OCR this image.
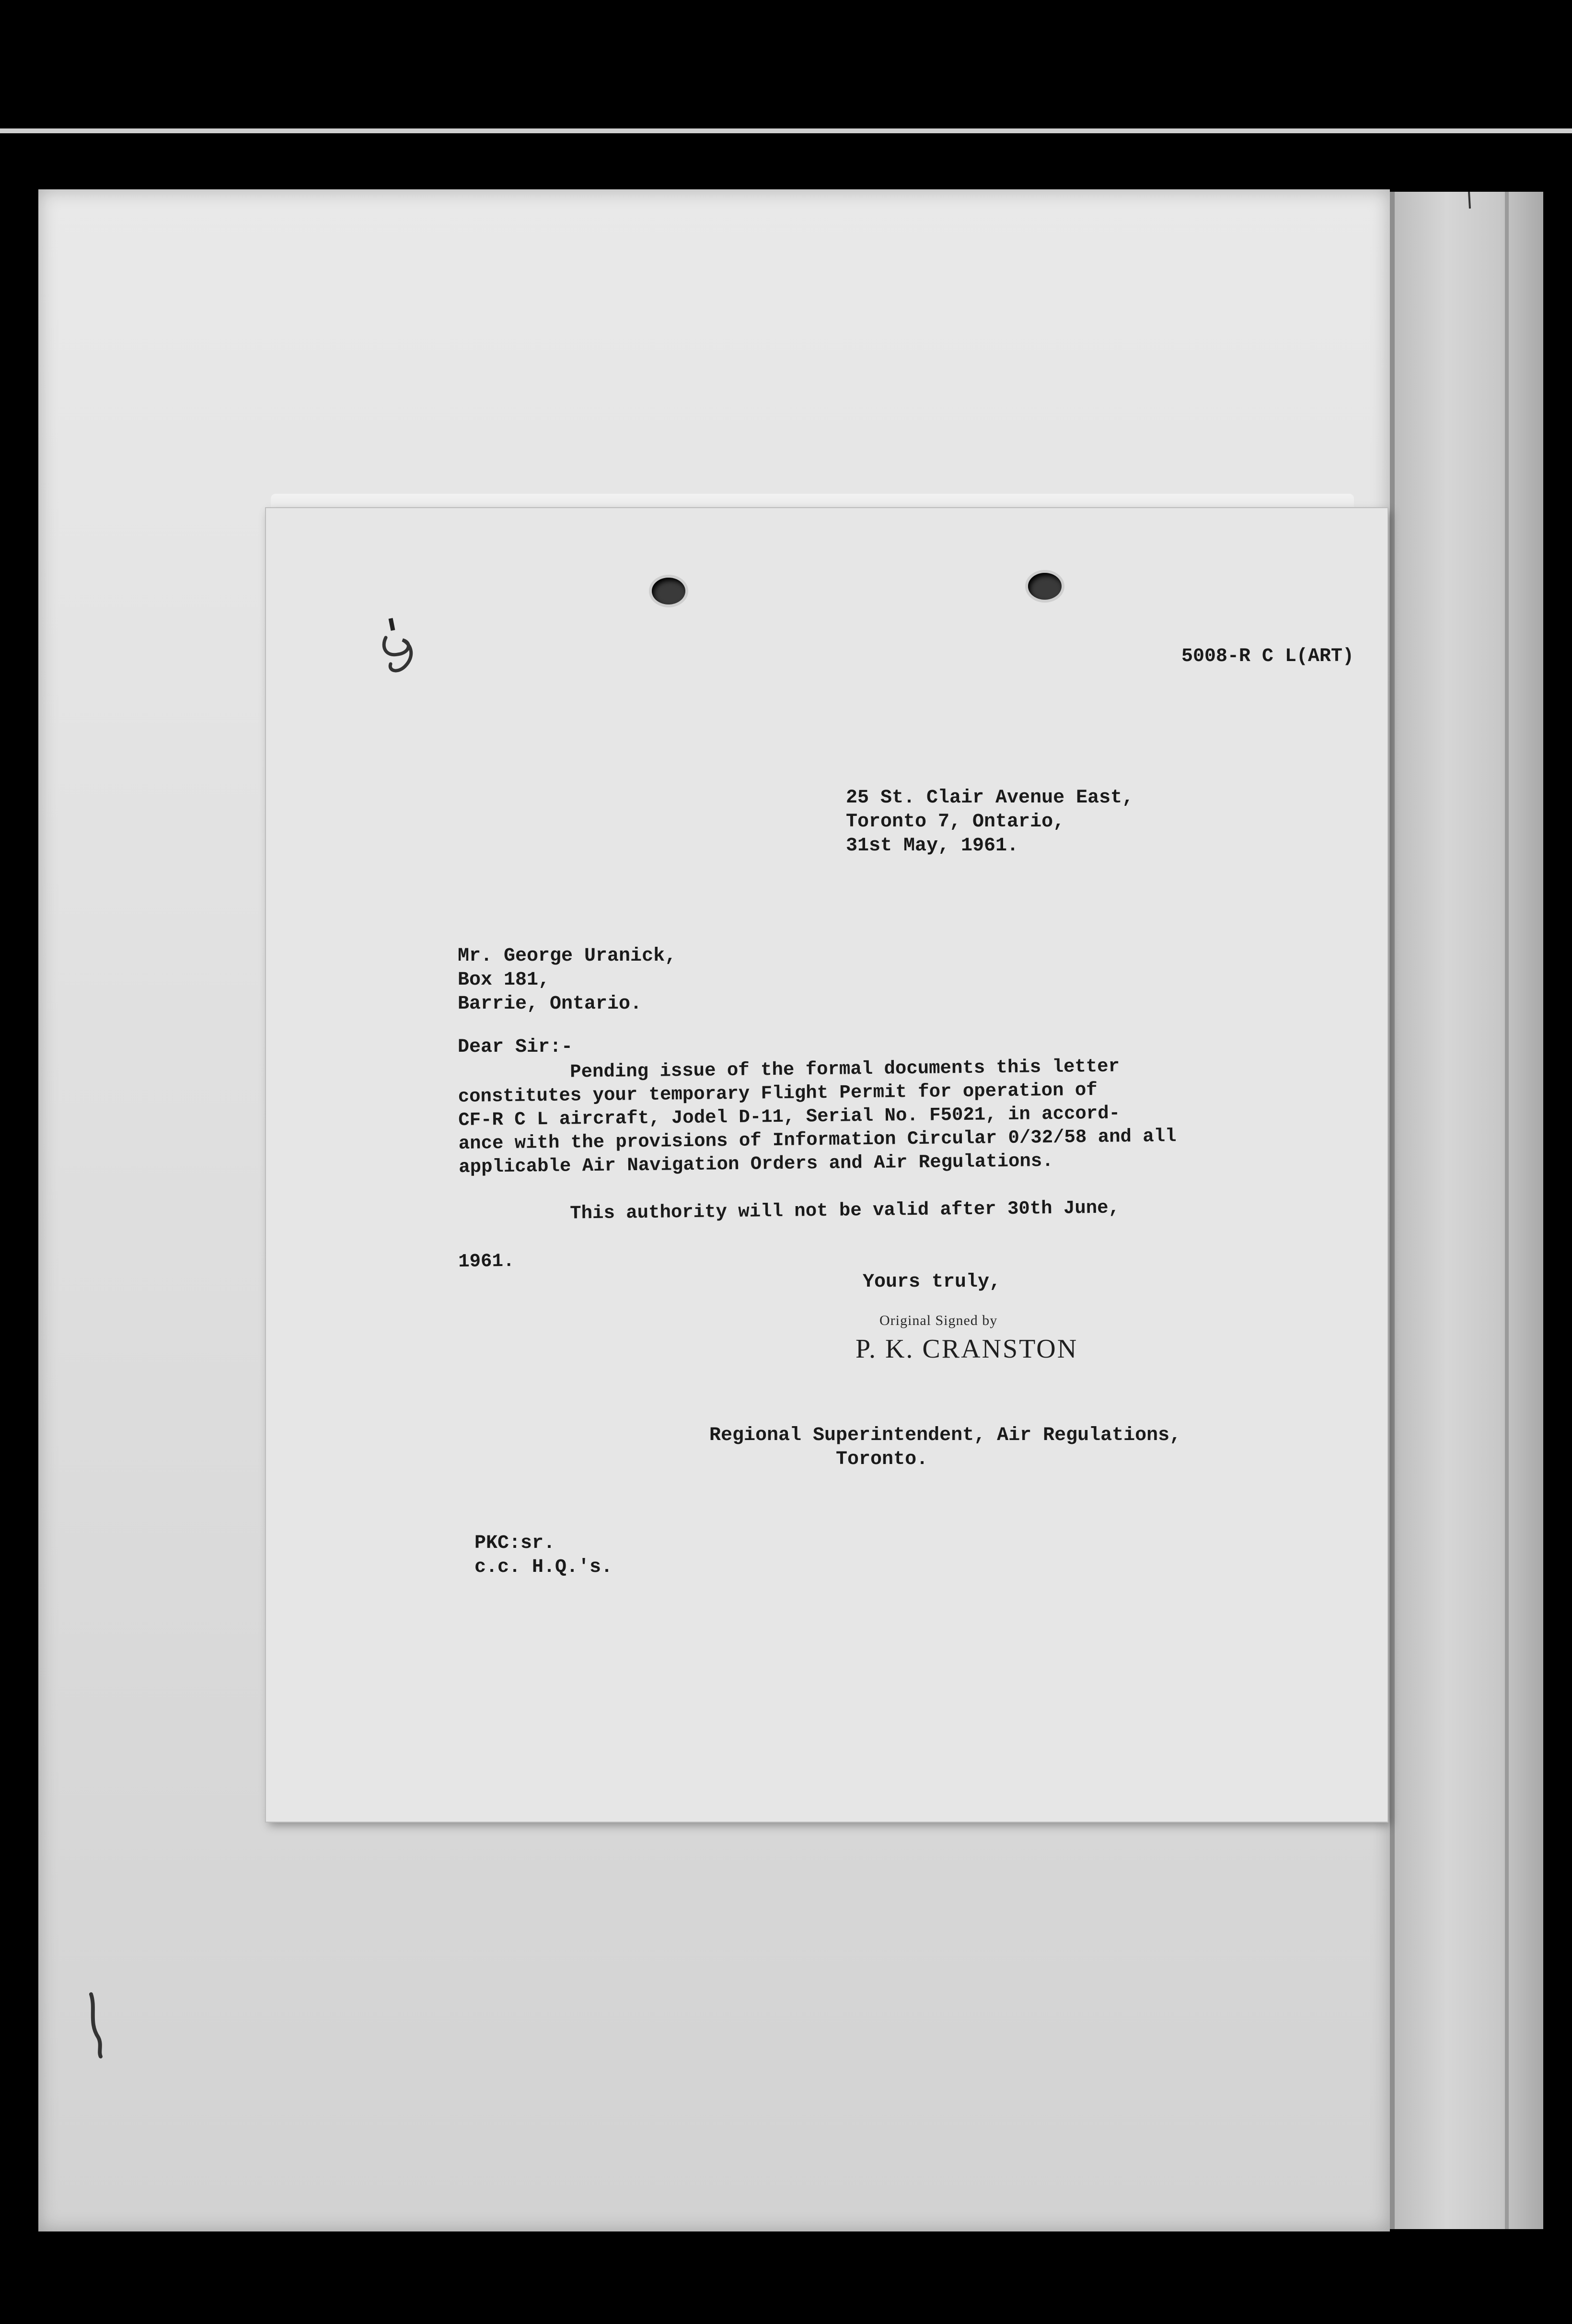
5008-R C L(ART)
25 St. Clair Avenue East,
Toronto 7, Ontario,
31st May, 1961.
Mr. George Uranick,
Box 181,
Barrie, Ontario.
Dear Sir:-
Pending issue of the formal documents this letter
constitutes your temporary Flight Permit for operation of
CF-R C L aircraft, Jodel D-11, Serial No. F5021, in accord-
ance with the provisions of Information Circular 0/32/58 and all
applicable Air Navigation Orders and Air Regulations.
This authority will not be valid after 30th June,

1961.
Yours truly,
Original Signed by
P. K. CRANSTON
Regional Superintendent, Air Regulations,
Toronto.
PKC:sr.
c.c. H.Q.'s.
